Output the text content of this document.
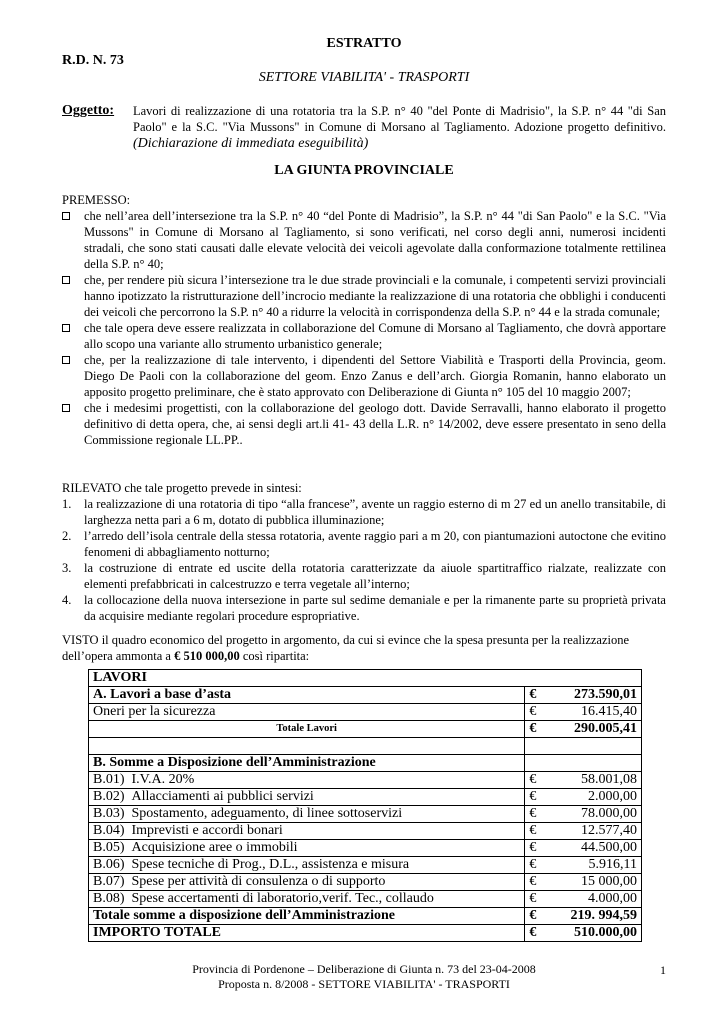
ESTRATTO
R.D. N. 73
SETTORE VIABILITA' - TRASPORTI
Oggetto: Lavori di realizzazione di una rotatoria tra la S.P. n° 40 "del Ponte di Madrisio", la S.P. n° 44 "di San Paolo" e la S.C. "Via Mussons" in Comune di Morsano al Tagliamento. Adozione progetto definitivo. (Dichiarazione di immediata eseguibilità)
LA GIUNTA PROVINCIALE
PREMESSO:
che nell’area dell’intersezione tra la S.P. n° 40 “del Ponte di Madrisio”, la S.P. n° 44 "di San Paolo" e la S.C. "Via Mussons" in Comune di Morsano al Tagliamento, si sono verificati, nel corso degli anni, numerosi incidenti stradali, che sono stati causati dalle elevate velocità dei veicoli agevolate dalla conformazione totalmente rettilinea della S.P. n° 40;
che, per rendere più sicura l’intersezione tra le due strade provinciali e la comunale, i competenti servizi provinciali hanno ipotizzato la ristrutturazione dell’incrocio mediante la realizzazione di una rotatoria che obblighi i conducenti dei veicoli che percorrono la S.P. n° 40 a ridurre la velocità in corrispondenza della S.P. n° 44 e la strada comunale;
che tale opera deve essere realizzata in collaborazione del Comune di Morsano al Tagliamento, che dovrà apportare allo scopo una variante allo strumento urbanistico generale;
che, per la realizzazione di tale intervento, i dipendenti del Settore Viabilità e Trasporti della Provincia, geom. Diego De Paoli con la collaborazione del geom. Enzo Zanus e dell’arch. Giorgia Romanin, hanno elaborato un apposito progetto preliminare, che è stato approvato con Deliberazione di Giunta n° 105 del 10 maggio 2007;
che i medesimi progettisti, con la collaborazione del geologo dott. Davide Serravalli, hanno elaborato il progetto definitivo di detta opera, che, ai sensi degli art.li 41- 43 della L.R. n° 14/2002, deve essere presentato in seno della Commissione regionale LL.PP..
RILEVATO che tale progetto prevede in sintesi:
1. la realizzazione di una rotatoria di tipo “alla francese”, avente un raggio esterno di m 27 ed un anello transitabile, di larghezza netta pari a 6 m, dotato di pubblica illuminazione;
2. l’arredo dell’isola centrale della stessa rotatoria, avente raggio pari a m 20, con piantumazioni autoctone che evitino fenomeni di abbagliamento notturno;
3. la costruzione di entrate ed uscite della rotatoria caratterizzate da aiuole spartitraffico rialzate, realizzate con elementi prefabbricati in calcestruzzo e terra vegetale all’interno;
4. la collocazione della nuova intersezione in parte sul sedime demaniale e per la rimanente parte su proprietà privata da acquisire mediante regolari procedure espropriative.
VISTO il quadro economico del progetto in argomento, da cui si evince che la spesa presunta per la realizzazione dell’opera ammonta a € 510 000,00 così ripartita:
LAVORI		
A. Lavori a base d’asta	€	273.590,01
Oneri per la sicurezza	€	16.415,40
Totale Lavori	€	290.005,41

B. Somme a Disposizione dell’Amministrazione		
B.01) I.V.A. 20%	€	58.001,08
B.02) Allacciamenti ai pubblici servizi	€	2.000,00
B.03) Spostamento, adeguamento, di linee sottoservizi	€	78.000,00
B.04) Imprevisti e accordi bonari	€	12.577,40
B.05) Acquisizione aree o immobili	€	44.500,00
B.06) Spese tecniche di Prog., D.L., assistenza e misura	€	5.916,11
B.07) Spese per attività di consulenza o di supporto	€	15 000,00
B.08) Spese accertamenti di laboratorio,verif. Tec., collaudo	€	4.000,00
Totale somme a disposizione dell’Amministrazione	€	219. 994,59
IMPORTO TOTALE	€	510.000,00
Provincia di Pordenone – Deliberazione di Giunta n. 73 del 23-04-2008
Proposta n. 8/2008 - SETTORE VIABILITA' - TRASPORTI
1
